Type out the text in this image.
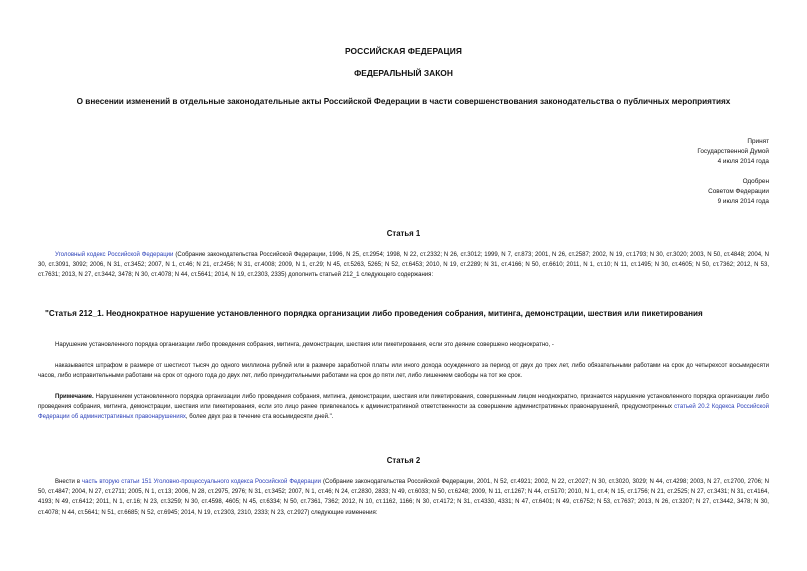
РОССИЙСКАЯ ФЕДЕРАЦИЯ
ФЕДЕРАЛЬНЫЙ ЗАКОН
О внесении изменений в отдельные законодательные акты Российской Федерации в части совершенствования законодательства о публичных мероприятиях
Принят
Государственной Думой
4 июля 2014 года
Одобрен
Советом Федерации
9 июля 2014 года
Статья 1
Уголовный кодекс Российской Федерации (Собрание законодательства Российской Федерации, 1996, N 25, ст.2954; 1998, N 22, ст.2332; N 26, ст.3012; 1999, N 7, ст.873; 2001, N 26, ст.2587; 2002, N 19, ст.1793; N 30, ст.3020; 2003, N 50, ст.4848; 2004, N 30, ст.3091, 3092; 2006, N 31, ст.3452; 2007, N 1, ст.46; N 21, ст.2456; N 31, ст.4008; 2009, N 1, ст.29; N 45, ст.5263, 5265; N 52, ст.6453; 2010, N 19, ст.2289; N 31, ст.4166; N 50, ст.6610; 2011, N 1, ст.10; N 11, ст.1495; N 30, ст.4605; N 50, ст.7362; 2012, N 53, ст.7631; 2013, N 27, ст.3442, 3478; N 30, ст.4078; N 44, ст.5641; 2014, N 19, ст.2303, 2335) дополнить статьей 212_1 следующего содержания:
"Статья 212_1. Неоднократное нарушение установленного порядка организации либо проведения собрания, митинга, демонстрации, шествия или пикетирования
Нарушение установленного порядка организации либо проведения собрания, митинга, демонстрации, шествия или пикетирования, если это деяние совершено неоднократно, -
наказывается штрафом в размере от шестисот тысяч до одного миллиона рублей или в размере заработной платы или иного дохода осужденного за период от двух до трех лет, либо обязательными работами на срок до четырехсот восьмидесяти часов, либо исправительными работами на срок от одного года до двух лет, либо принудительными работами на срок до пяти лет, либо лишением свободы на тот же срок.
Примечание. Нарушением установленного порядка организации либо проведения собрания, митинга, демонстрации, шествия или пикетирования, совершенным лицом неоднократно, признается нарушение установленного порядка организации либо проведения собрания, митинга, демонстрации, шествия или пикетирования, если это лицо ранее привлекалось к административной ответственности за совершение административных правонарушений, предусмотренных статьей 20.2 Кодекса Российской Федерации об административных правонарушениях, более двух раз в течение ста восьмидесяти дней.".
Статья 2
Внести в часть вторую статьи 151 Уголовно-процессуального кодекса Российской Федерации (Собрание законодательства Российской Федерации, 2001, N 52, ст.4921; 2002, N 22, ст.2027; N 30, ст.3020, 3029; N 44, ст.4298; 2003, N 27, ст.2700, 2706; N 50, ст.4847; 2004, N 27, ст.2711; 2005, N 1, ст.13; 2006, N 28, ст.2975, 2976; N 31, ст.3452; 2007, N 1, ст.46; N 24, ст.2830, 2833; N 49, ст.6033; N 50, ст.6248; 2009, N 11, ст.1267; N 44, ст.5170; 2010, N 1, ст.4; N 15, ст.1756; N 21, ст.2525; N 27, ст.3431; N 31, ст.4164, 4193; N 49, ст.6412; 2011, N 1, ст.16; N 23, ст.3259; N 30, ст.4598, 4605; N 45, ст.6334; N 50, ст.7361, 7362; 2012, N 10, ст.1162, 1166; N 30, ст.4172; N 31, ст.4330, 4331; N 47, ст.6401; N 49, ст.6752; N 53, ст.7637; 2013, N 26, ст.3207; N 27, ст.3442, 3478; N 30, ст.4078; N 44, ст.5641; N 51, ст.6685; N 52, ст.6945; 2014, N 19, ст.2303, 2310, 2333; N 23, ст.2927) следующие изменения:
